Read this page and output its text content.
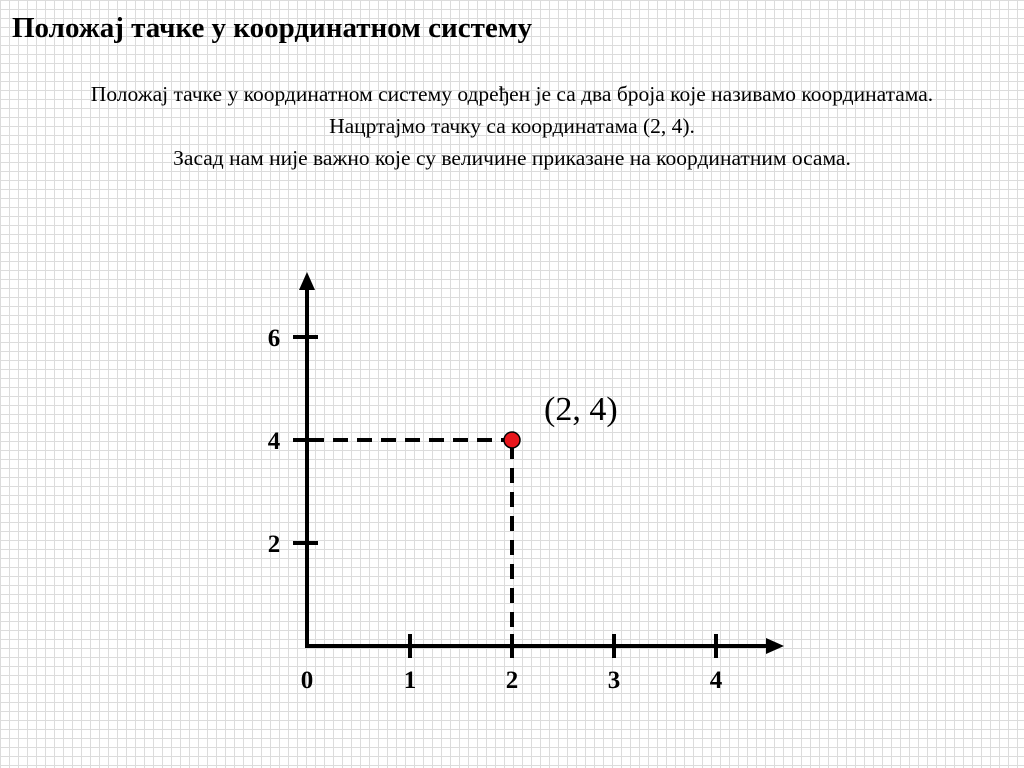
Положај тачке у координатном систему

Положај тачке у координатном систему одређен је са два броја које називамо координатама.

Нацртајмо тачку са координатама (2, 4).

Засад нам није важно које су величине приказане на координатним осама.

0	1	2	3	4
2
4
6
(2, 4)
